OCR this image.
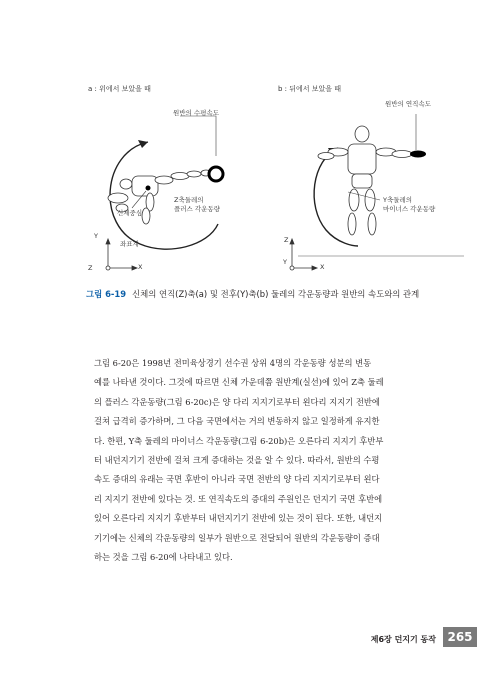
a : 위에서 보았을 때	b : 뒤에서 보았을 때
원반의 수평속도
신체중심
Z축둘레의
플러스 각운동량
좌표계
Y
Z	X
원반의 연직속도
Y축둘레의
마이너스 각운동량
Z
Y
X
그림 6-19 신체의 연직(Z)축(a) 및 전후(Y)축(b) 둘레의 각운동량과 원반의 속도와의 관계
그림 6-20은 1998년 전미육상경기 선수권 상위 4명의 각운동량 성분의 변동
예를 나타낸 것이다. 그것에 따르면 신체 가운데쯤 원반계(실선)에 있어 Z축 둘레
의 플러스 각운동량(그림 6-20c)은 양 다리 지지기로부터 왼다리 지지기 전반에
걸쳐 급격히 증가하며, 그 다음 국면에서는 거의 변동하지 않고 일정하게 유지한
다. 한편, Y축 둘레의 마이너스 각운동량(그림 6-20b)은 오른다리 지지기 후반부
터 내던지기기 전반에 걸쳐 크게 증대하는 것을 알 수 있다. 따라서, 원반의 수평
속도 증대의 유래는 국면 후반이 아니라 국면 전반의 양 다리 지지기로부터 왼다
리 지지기 전반에 있다는 것. 또 연직속도의 증대의 주원인은 던지기 국면 후반에
있어 오른다리 지지기 후반부터 내던지기기 전반에 있는 것이 된다. 또한, 내던지
기기에는 신체의 각운동량의 일부가 원반으로 전달되어 원반의 각운동량이 증대
하는 것을 그림 6-20에 나타내고 있다.
제6장 던지기 동작 265
